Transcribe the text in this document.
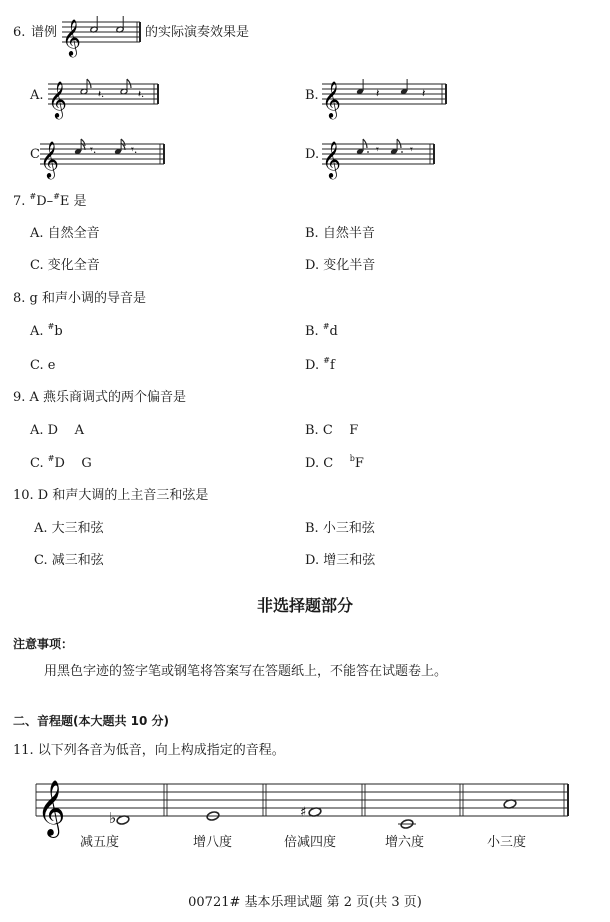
6. 谱例 𝄞	的实际演奏效果是
A. 𝄞	𝄽.	𝄽.	B. 𝄞	𝄽	𝄽
C 𝄞	𝄾.	𝄾.	D. 𝄞	𝄾	𝄾
7. #D–#E 是
A. 自然全音	B. 自然半音
C. 变化全音	D. 变化半音
8. g 和声小调的导音是
A. #b	B. #d
C. e	D. #f
9. A 燕乐商调式的两个偏音是
A. D    A	B. C    F
C. #D    G	D. C    $^b$F
10. D 和声大调的上主音三和弦是
A. 大三和弦	B. 小三和弦
C. 减三和弦	D. 增三和弦
非选择题部分
注意事项：
用黑色字迹的签字笔或钢笔将答案写在答题纸上，不能答在试题卷上。
二、音程题(本大题共 10 分)
11. 以下列各音为低音，向上构成指定的音程。
𝄞	♭	♯
减五度	增八度	倍减四度	增六度	小三度
00721# 基本乐理试题 第 2 页(共 3 页)
